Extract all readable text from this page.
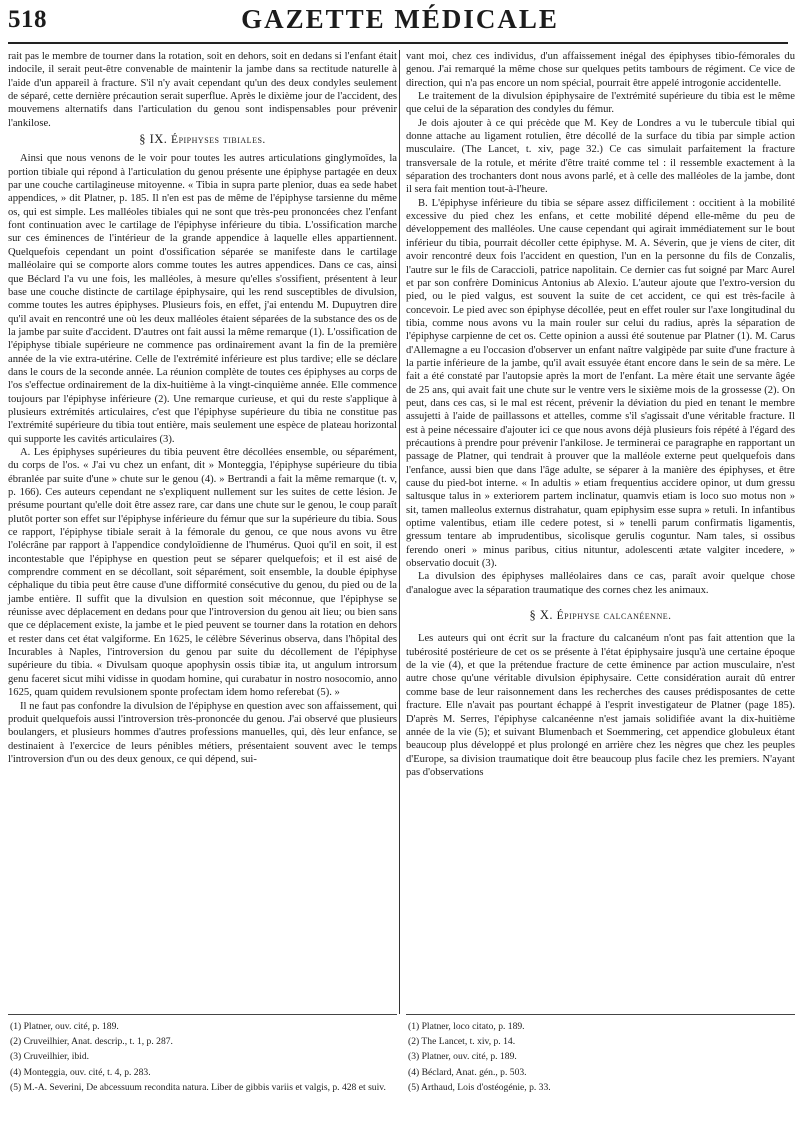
518	GAZETTE MÉDICALE

rait pas le membre de tourner dans la rotation, soit en dehors, soit en dedans si l'enfant était indocile, il serait peut-être convenable de maintenir la jambe dans sa rectitude naturelle à l'aide d'un appareil à fracture. S'il n'y avait cependant qu'un des deux condyles seulement de séparé, cette dernière précaution serait superflue. Après le dixième jour de l'accident, des mouvemens alternatifs dans l'articulation du genou sont indispensables pour prévenir l'ankilose.

§ IX. Épiphyses tibiales.

Ainsi que nous venons de le voir pour toutes les autres articulations ginglymoïdes, la portion tibiale qui répond à l'articulation du genou présente une épiphyse partagée en deux par une couche cartilagineuse mitoyenne. « Tibia in supra parte plenior, duas ea sede habet appendices, » dit Platner, p. 185. Il n'en est pas de même de l'épiphyse tarsienne du même os, qui est simple. Les malléoles tibiales qui ne sont que très-peu prononcées chez l'enfant font continuation avec le cartilage de l'épiphyse inférieure du tibia. L'ossification marche sur ces éminences de l'intérieur de la grande appendice à laquelle elles appartiennent. Quelquefois cependant un point d'ossification séparée se manifeste dans le cartilage malléolaire qui se comporte alors comme toutes les autres appendices. Dans ce cas, ainsi que Béclard l'a vu une fois, les malléoles, à mesure qu'elles s'ossifient, présentent à leur base une couche distincte de cartilage épiphysaire, qui les rend susceptibles de divulsion, comme toutes les autres épiphyses. Plusieurs fois, en effet, j'ai entendu M. Dupuytren dire qu'il avait en rencontré une où les deux malléoles étaient séparées de la substance des os de la jambe par suite d'accident. D'autres ont fait aussi la même remarque (1). L'ossification de l'épiphyse tibiale supérieure ne commence pas ordinairement avant la fin de la première année de la vie extra-utérine. Celle de l'extrémité inférieure est plus tardive; elle se déclare dans le cours de la seconde année. La réunion complète de toutes ces épiphyses au corps de l'os s'effectue ordinairement de la dix-huitième à la vingt-cinquième année. Elle commence toujours par l'épiphyse inférieure (2). Une remarque curieuse, et qui du reste s'applique à plusieurs extrémités articulaires, c'est que l'épiphyse supérieure du tibia ne constitue pas l'extrémité supérieure du tibia tout entière, mais seulement une espèce de plateau horizontal qui supporte les cavités articulaires (3).

A. Les épiphyses supérieures du tibia peuvent être décollées ensemble, ou séparément, du corps de l'os. « J'ai vu chez un enfant, dit » Monteggia, l'épiphyse supérieure du tibia ébranlée par suite d'une » chute sur le genou (4). » Bertrandi a fait la même remarque (t. v, p. 166). Ces auteurs cependant ne s'expliquent nullement sur les suites de cette lésion. Je présume pourtant qu'elle doit être assez rare, car dans une chute sur le genou, le coup paraît plutôt porter son effet sur l'épiphyse inférieure du fémur que sur la supérieure du tibia. Sous ce rapport, l'épiphyse tibiale serait à la fémorale du genou, ce que nous avons vu être l'olécrâne par rapport à l'appendice condyloïdienne de l'humérus. Quoi qu'il en soit, il est incontestable que l'épiphyse en question peut se séparer quelquefois; et il est aisé de comprendre comment en se décollant, soit séparément, soit ensemble, la double épiphyse céphalique du tibia peut être cause d'une difformité consécutive du genou, du pied ou de la jambe entière. Il suffit que la divulsion en question soit méconnue, que l'épiphyse se réunisse avec déplacement en dedans pour que l'introversion du genou ait lieu; ou bien sans que ce déplacement existe, la jambe et le pied peuvent se tourner dans la rotation en dehors et rester dans cet état valgiforme. En 1625, le célèbre Séverinus observa, dans l'hôpital des Incurables à Naples, l'introversion du genou par suite du décollement de l'épiphyse supérieure du tibia. « Divulsam quoque apophysin ossis tibiæ ita, ut angulum introrsum genu faceret sicut mihi vidisse in quodam homine, qui curabatur in nostro nosocomio, anno 1625, quam quidem revulsionem sponte profectam idem homo referebat (5). »

Il ne faut pas confondre la divulsion de l'épiphyse en question avec son affaissement, qui produit quelquefois aussi l'introversion très-prononcée du genou. J'ai observé que plusieurs boulangers, et plusieurs hommes d'autres professions manuelles, qui, dès leur enfance, se destinaient à l'exercice de leurs pénibles métiers, présentaient souvent avec le temps l'introversion d'un ou des deux genoux, ce qui dépend, sui-

vant moi, chez ces individus, d'un affaissement inégal des épiphyses tibio-fémorales du genou. J'ai remarqué la même chose sur quelques petits tambours de régiment. Ce vice de direction, qui n'a pas encore un nom spécial, pourrait être appelé introgonie accidentelle.

Le traitement de la divulsion épiphysaire de l'extrémité supérieure du tibia est le même que celui de la séparation des condyles du fémur.

Je dois ajouter à ce qui précède que M. Key de Londres a vu le tubercule tibial qui donne attache au ligament rotulien, être décollé de la surface du tibia par simple action musculaire. (The Lancet, t. xiv, page 32.) Ce cas simulait parfaitement la fracture transversale de la rotule, et mérite d'être traité comme tel : il ressemble exactement à la séparation des trochanters dont nous avons parlé, et à celle des malléoles de la jambe, dont il sera fait mention tout-à-l'heure.

B. L'épiphyse inférieure du tibia se sépare assez difficilement : occitient à la mobilité excessive du pied chez les enfans, et cette mobilité dépend elle-même du peu de développement des malléoles. Une cause cependant qui agirait immédiatement sur le bout inférieur du tibia, pourrait décoller cette épiphyse. M. A. Séverin, que je viens de citer, dit avoir rencontré deux fois l'accident en question, l'un en la personne du fils de Conzalis, l'autre sur le fils de Caraccioli, patrice napolitain. Ce dernier cas fut soigné par Marc Aurel et par son confrère Dominicus Antonius ab Alexio. L'auteur ajoute que l'extro-version du pied, ou le pied valgus, est souvent la suite de cet accident, ce qui est très-facile à concevoir. Le pied avec son épiphyse décollée, peut en effet rouler sur l'axe longitudinal du tibia, comme nous avons vu la main rouler sur celui du radius, après la séparation de l'épiphyse carpienne de cet os. Cette opinion a aussi été soutenue par Platner (1). M. Carus d'Allemagne a eu l'occasion d'observer un enfant naître valgipède par suite d'une fracture à la partie inférieure de la jambe, qu'il avait essuyée étant encore dans le sein de sa mère. Le fait a été constaté par l'autopsie après la mort de l'enfant. La mère était une servante âgée de 25 ans, qui avait fait une chute sur le ventre vers le sixième mois de la grossesse (2). On peut, dans ces cas, si le mal est récent, prévenir la déviation du pied en tenant le membre assujetti à l'aide de paillassons et attelles, comme s'il s'agissait d'une véritable fracture. Il est à peine nécessaire d'ajouter ici ce que nous avons déjà plusieurs fois répété à l'égard des précautions à prendre pour prévenir l'ankilose. Je terminerai ce paragraphe en rapportant un passage de Platner, qui tendrait à prouver que la malléole externe peut quelquefois dans l'enfance, aussi bien que dans l'âge adulte, se séparer à la manière des épiphyses, et être cause du pied-bot interne. « In adultis » etiam frequentius accidere opinor, ut dum gressu saltusque talus in » exteriorem partem inclinatur, quamvis etiam is loco suo motus non » sit, tamen malleolus externus distrahatur, quam epiphysim esse supra » retuli. In infantibus optime valentibus, etiam ille cedere potest, si » tenelli parum confirmatis ligamentis, gressum tentare ab imprudentibus, sicolisque gerulis coguntur. Nam tales, si ossibus ferendo oneri » minus paribus, citius nituntur, adolescenti ætate valgiter incedere, » observatio docuit (3).

La divulsion des épiphyses malléolaires dans ce cas, paraît avoir quelque chose d'analogue avec la séparation traumatique des cornes chez les animaux.

§ X. Épiphyse calcanéenne.

Les auteurs qui ont écrit sur la fracture du calcanéum n'ont pas fait attention que la tubérosité postérieure de cet os se présente à l'état épiphysaire jusqu'à une certaine époque de la vie (4), et que la prétendue fracture de cette éminence par action musculaire, n'est autre chose qu'une véritable divulsion épiphysaire. Cette considération aurait dû entrer comme base de leur raisonnement dans les recherches des causes prédisposantes de cette fracture. Elle n'avait pas pourtant échappé à l'esprit investigateur de Platner (page 185). D'après M. Serres, l'épiphyse calcanéenne n'est jamais solidifiée avant la dix-huitième année de la vie (5); et suivant Blumenbach et Soemmering, cet appendice globuleux étant beaucoup plus développé et plus prolongé en arrière chez les nègres que chez les peuples d'Europe, sa division traumatique doit être beaucoup plus facile chez les premiers. N'ayant pas d'observations

(1) Platner, ouv. cité, p. 189.
(2) Cruveilhier, Anat. descrip., t. 1, p. 287.
(3) Cruveilhier, ibid.
(4) Monteggia, ouv. cité, t. 4, p. 283.
(5) M.-A. Severini, De abcessuum recondita natura. Liber de gibbis variis et valgis, p. 428 et suiv.
(1) Platner, loco citato, p. 189.
(2) The Lancet, t. xiv, p. 14.
(3) Platner, ouv. cité, p. 189.
(4) Béclard, Anat. gén., p. 503.
(5) Arthaud, Lois d'ostéogénie, p. 33.
